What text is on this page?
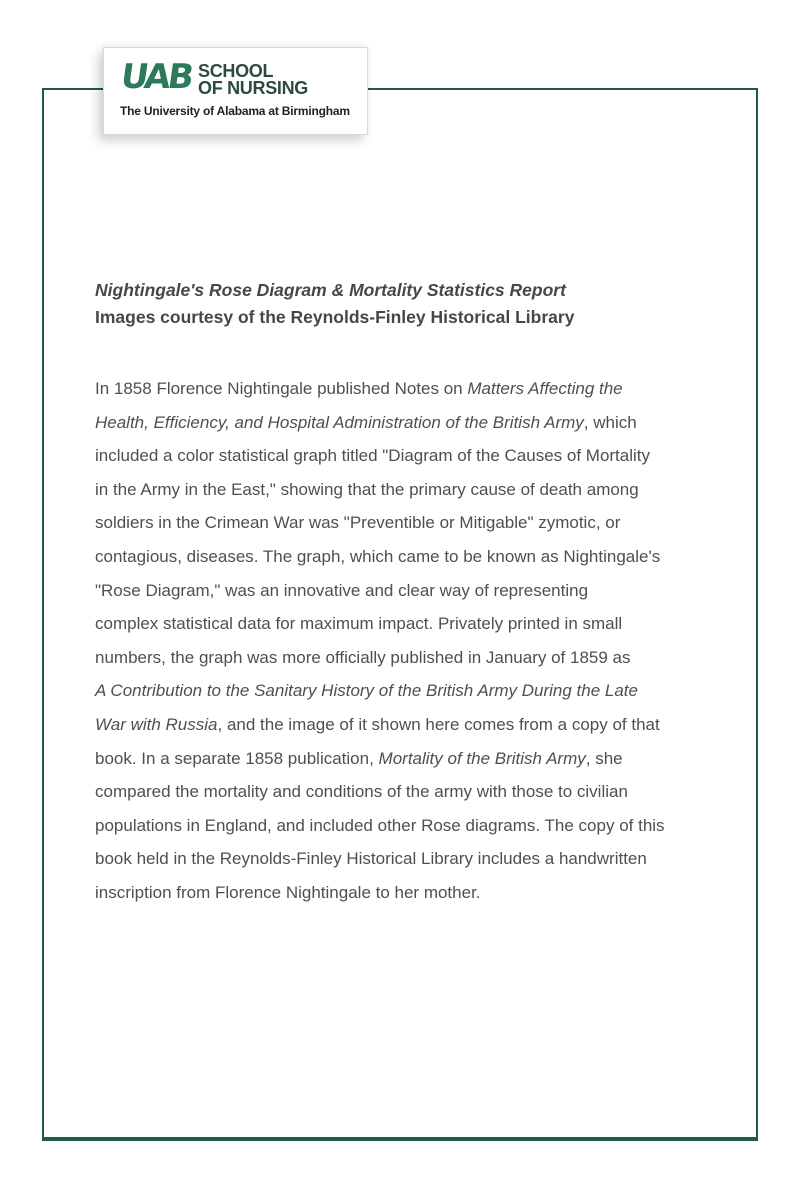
UAB SCHOOL
OF NURSING
The University of Alabama at Birmingham
Nightingale's Rose Diagram & Mortality Statistics Report
Images courtesy of the Reynolds-Finley Historical Library
In 1858 Florence Nightingale published Notes on Matters Affecting the
Health, Efficiency, and Hospital Administration of the British Army, which
included a color statistical graph titled "Diagram of the Causes of Mortality
in the Army in the East," showing that the primary cause of death among
soldiers in the Crimean War was "Preventible or Mitigable" zymotic, or
contagious, diseases. The graph, which came to be known as Nightingale's
"Rose Diagram," was an innovative and clear way of representing
complex statistical data for maximum impact. Privately printed in small
numbers, the graph was more officially published in January of 1859 as
A Contribution to the Sanitary History of the British Army During the Late
War with Russia, and the image of it shown here comes from a copy of that
book. In a separate 1858 publication, Mortality of the British Army, she
compared the mortality and conditions of the army with those to civilian
populations in England, and included other Rose diagrams. The copy of this
book held in the Reynolds-Finley Historical Library includes a handwritten
inscription from Florence Nightingale to her mother.
